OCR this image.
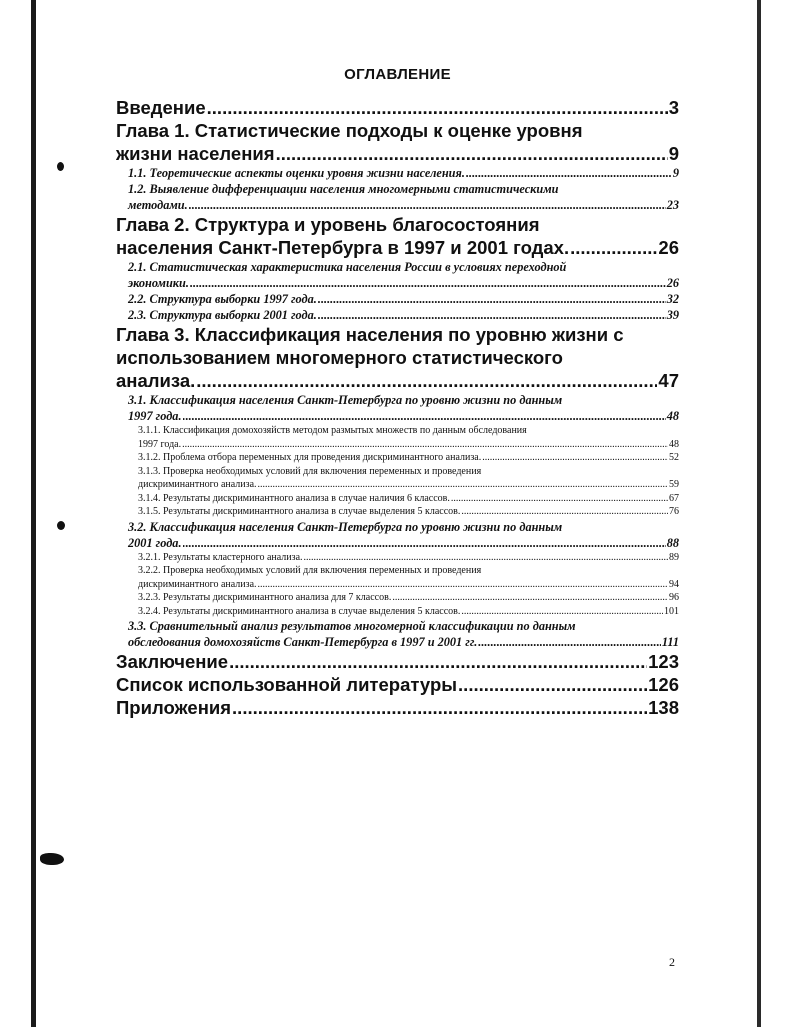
ОГЛАВЛЕНИЕ
Введение .....	3
Глава 1. Статистические подходы к оценке уровня
жизни населения .....	9
1.1. Теоретические аспекты оценки уровня жизни населения. .....	9
1.2. Выявление дифференциации населения многомерными статистическими
методами. .....	23
Глава 2. Структура и уровень благосостояния
населения Санкт-Петербурга в 1997 и 2001 годах. .....	26
2.1. Статистическая характеристика населения России в условиях переходной
экономики. .....	26
2.2. Структура выборки 1997 года. .....	32
2.3. Структура выборки 2001 года. .....	39
Глава 3. Классификация населения по уровню жизни с
использованием многомерного статистического
анализа. .....	47
3.1. Классификация населения Санкт-Петербурга по уровню жизни по данным
1997 года. .....	48
3.1.1. Классификация домохозяйств методом размытых множеств по данным обследования
1997 года. .....	48
3.1.2. Проблема отбора переменных для проведения дискриминантного анализа. .....	52
3.1.3. Проверка необходимых условий для включения переменных и проведения
дискриминантного анализа. .....	59
3.1.4. Результаты дискриминантного анализа в случае наличия 6 классов. .....	67
3.1.5. Результаты дискриминантного анализа в случае выделения 5 классов. .....	76
3.2. Классификация населения Санкт-Петербурга по уровню жизни по данным
2001 года. .....	88
3.2.1. Результаты кластерного анализа. .....	89
3.2.2. Проверка необходимых условий для включения переменных и проведения
дискриминантного анализа. .....	94
3.2.3. Результаты дискриминантного анализа для 7 классов. .....	96
3.2.4. Результаты дискриминантного анализа в случае выделения 5 классов. .....	101
3.3. Сравнительный анализ результатов многомерной классификации по данным
обследования домохозяйств Санкт-Петербурга в 1997 и 2001 гг. .....	111
Заключение .....	123
Список использованной литературы .....	126
Приложения .....	138
2
